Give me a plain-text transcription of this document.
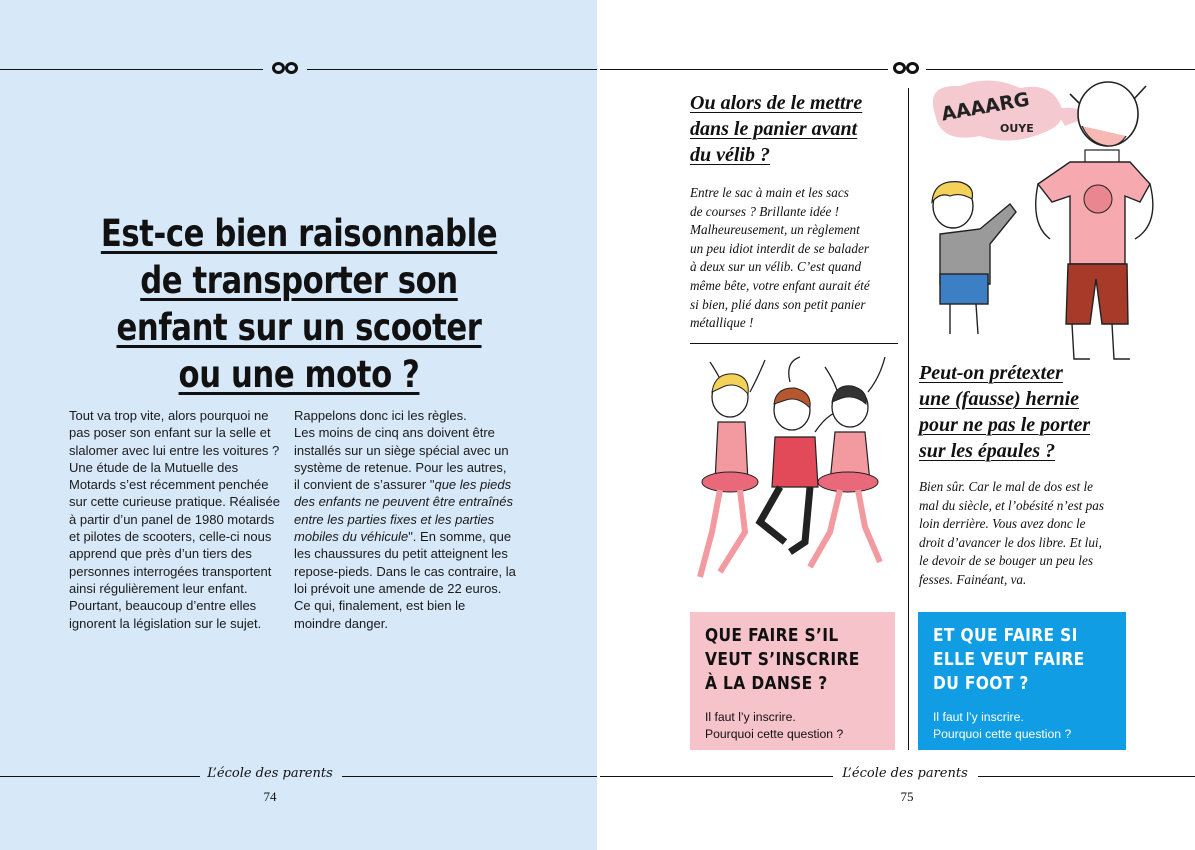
Est-ce bien raisonnable
de transporter son
enfant sur un scooter
ou une moto ?
Tout va trop vite, alors pourquoi ne
pas poser son enfant sur la selle et
slalomer avec lui entre les voitures ?
Une étude de la Mutuelle des
Motards s’est récemment penchée
sur cette curieuse pratique. Réalisée
à partir d’un panel de 1980 motards
et pilotes de scooters, celle-ci nous
apprend que près d’un tiers des
personnes interrogées transportent
ainsi régulièrement leur enfant.
Pourtant, beaucoup d’entre elles
ignorent la législation sur le sujet.
Rappelons donc ici les règles.
Les moins de cinq ans doivent être
installés sur un siège spécial avec un
système de retenue. Pour les autres,
il convient de s’assurer "que les pieds
des enfants ne peuvent être entraînés
entre les parties fixes et les parties
mobiles du véhicule". En somme, que
les chaussures du petit atteignent les
repose-pieds. Dans le cas contraire, la
loi prévoit une amende de 22 euros.
Ce qui, finalement, est bien le
moindre danger.
L’école des parents
74
Ou alors de le mettre
dans le panier avant
du vélib ?
Entre le sac à main et les sacs
de courses ? Brillante idée !
Malheureusement, un règlement
un peu idiot interdit de se balader
à deux sur un vélib. C’est quand
même bête, votre enfant aurait été
si bien, plié dans son petit panier
métallique !
AAAARG
OUYE
Peut-on prétexter
une (fausse) hernie
pour ne pas le porter
sur les épaules ?
Bien sûr. Car le mal de dos est le
mal du siècle, et l’obésité n’est pas
loin derrière. Vous avez donc le
droit d’avancer le dos libre. Et lui,
le devoir de se bouger un peu les
fesses. Fainéant, va.
QUE FAIRE S’IL
VEUT S’INSCRIRE
À LA DANSE ?
Il faut l’y inscrire.
Pourquoi cette question ?
ET QUE FAIRE SI
ELLE VEUT FAIRE
DU FOOT ?
Il faut l’y inscrire.
Pourquoi cette question ?
L’école des parents
75
